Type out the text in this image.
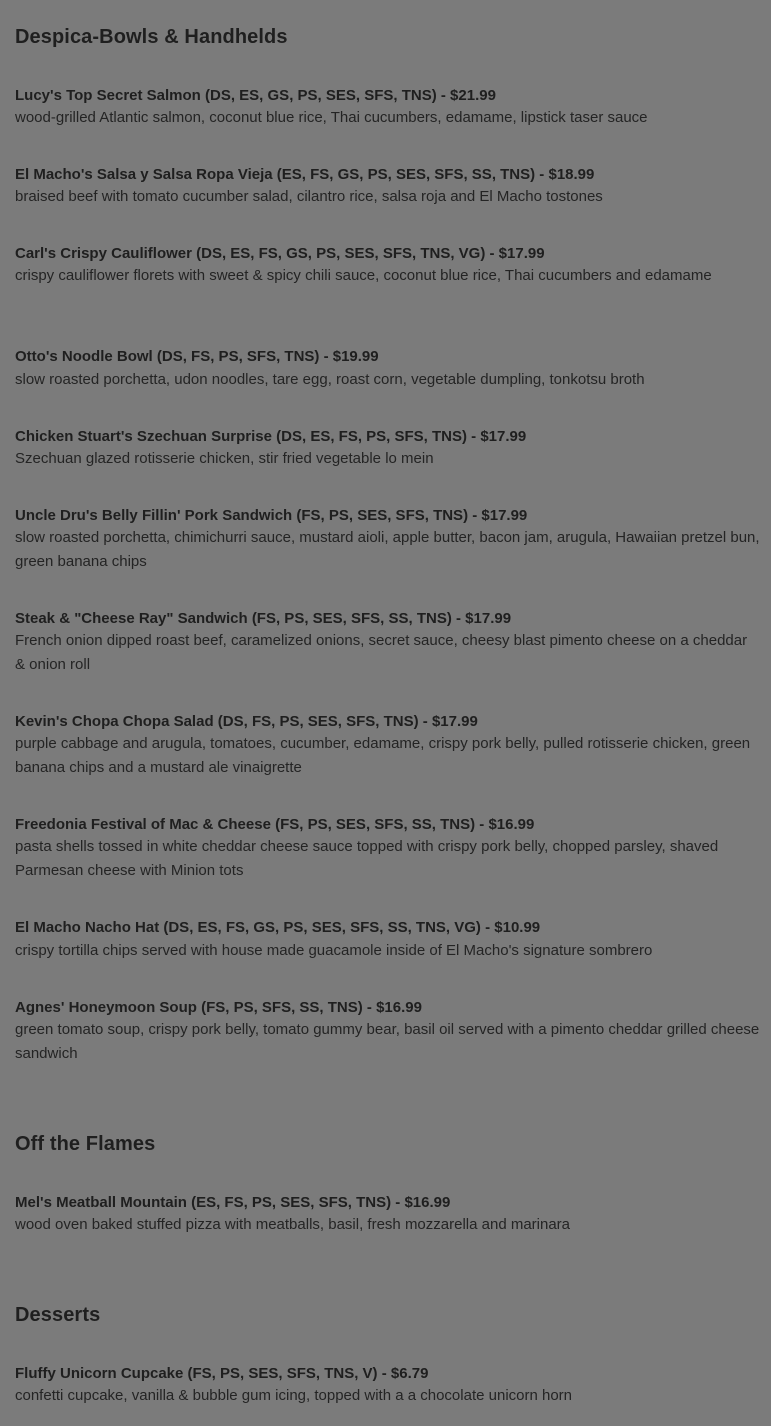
Despica-Bowls & Handhelds
Lucy's Top Secret Salmon (DS, ES, GS, PS, SES, SFS, TNS) - $21.99
wood-grilled Atlantic salmon, coconut blue rice, Thai cucumbers, edamame, lipstick taser sauce
El Macho's Salsa y Salsa Ropa Vieja (ES, FS, GS, PS, SES, SFS, SS, TNS) - $18.99
braised beef with tomato cucumber salad, cilantro rice, salsa roja and El Macho tostones
Carl's Crispy Cauliflower (DS, ES, FS, GS, PS, SES, SFS, TNS, VG) - $17.99
crispy cauliflower florets with sweet & spicy chili sauce, coconut blue rice, Thai cucumbers and edamame
Otto's Noodle Bowl (DS, FS, PS, SFS, TNS) - $19.99
slow roasted porchetta, udon noodles, tare egg, roast corn, vegetable dumpling, tonkotsu broth
Chicken Stuart's Szechuan Surprise (DS, ES, FS, PS, SFS, TNS) - $17.99
Szechuan glazed rotisserie chicken, stir fried vegetable lo mein
Uncle Dru's Belly Fillin' Pork Sandwich (FS, PS, SES, SFS, TNS) - $17.99
slow roasted porchetta, chimichurri sauce, mustard aioli, apple butter, bacon jam, arugula, Hawaiian pretzel bun, green banana chips
Steak & "Cheese Ray" Sandwich (FS, PS, SES, SFS, SS, TNS) - $17.99
French onion dipped roast beef, caramelized onions, secret sauce, cheesy blast pimento cheese on a cheddar & onion roll
Kevin's Chopa Chopa Salad (DS, FS, PS, SES, SFS, TNS) - $17.99
purple cabbage and arugula, tomatoes, cucumber, edamame, crispy pork belly, pulled rotisserie chicken, green banana chips and a mustard ale vinaigrette
Freedonia Festival of Mac & Cheese (FS, PS, SES, SFS, SS, TNS) - $16.99
pasta shells tossed in white cheddar cheese sauce topped with crispy pork belly, chopped parsley, shaved Parmesan cheese with Minion tots
El Macho Nacho Hat (DS, ES, FS, GS, PS, SES, SFS, SS, TNS, VG) - $10.99
crispy tortilla chips served with house made guacamole inside of El Macho's signature sombrero
Agnes' Honeymoon Soup (FS, PS, SFS, SS, TNS) - $16.99
green tomato soup, crispy pork belly, tomato gummy bear, basil oil served with a pimento cheddar grilled cheese sandwich
Off the Flames
Mel's Meatball Mountain (ES, FS, PS, SES, SFS, TNS) - $16.99
wood oven baked stuffed pizza with meatballs, basil, fresh mozzarella and marinara
Desserts
Fluffy Unicorn Cupcake (FS, PS, SES, SFS, TNS, V) - $6.79
confetti cupcake, vanilla & bubble gum icing, topped with a a chocolate unicorn horn
